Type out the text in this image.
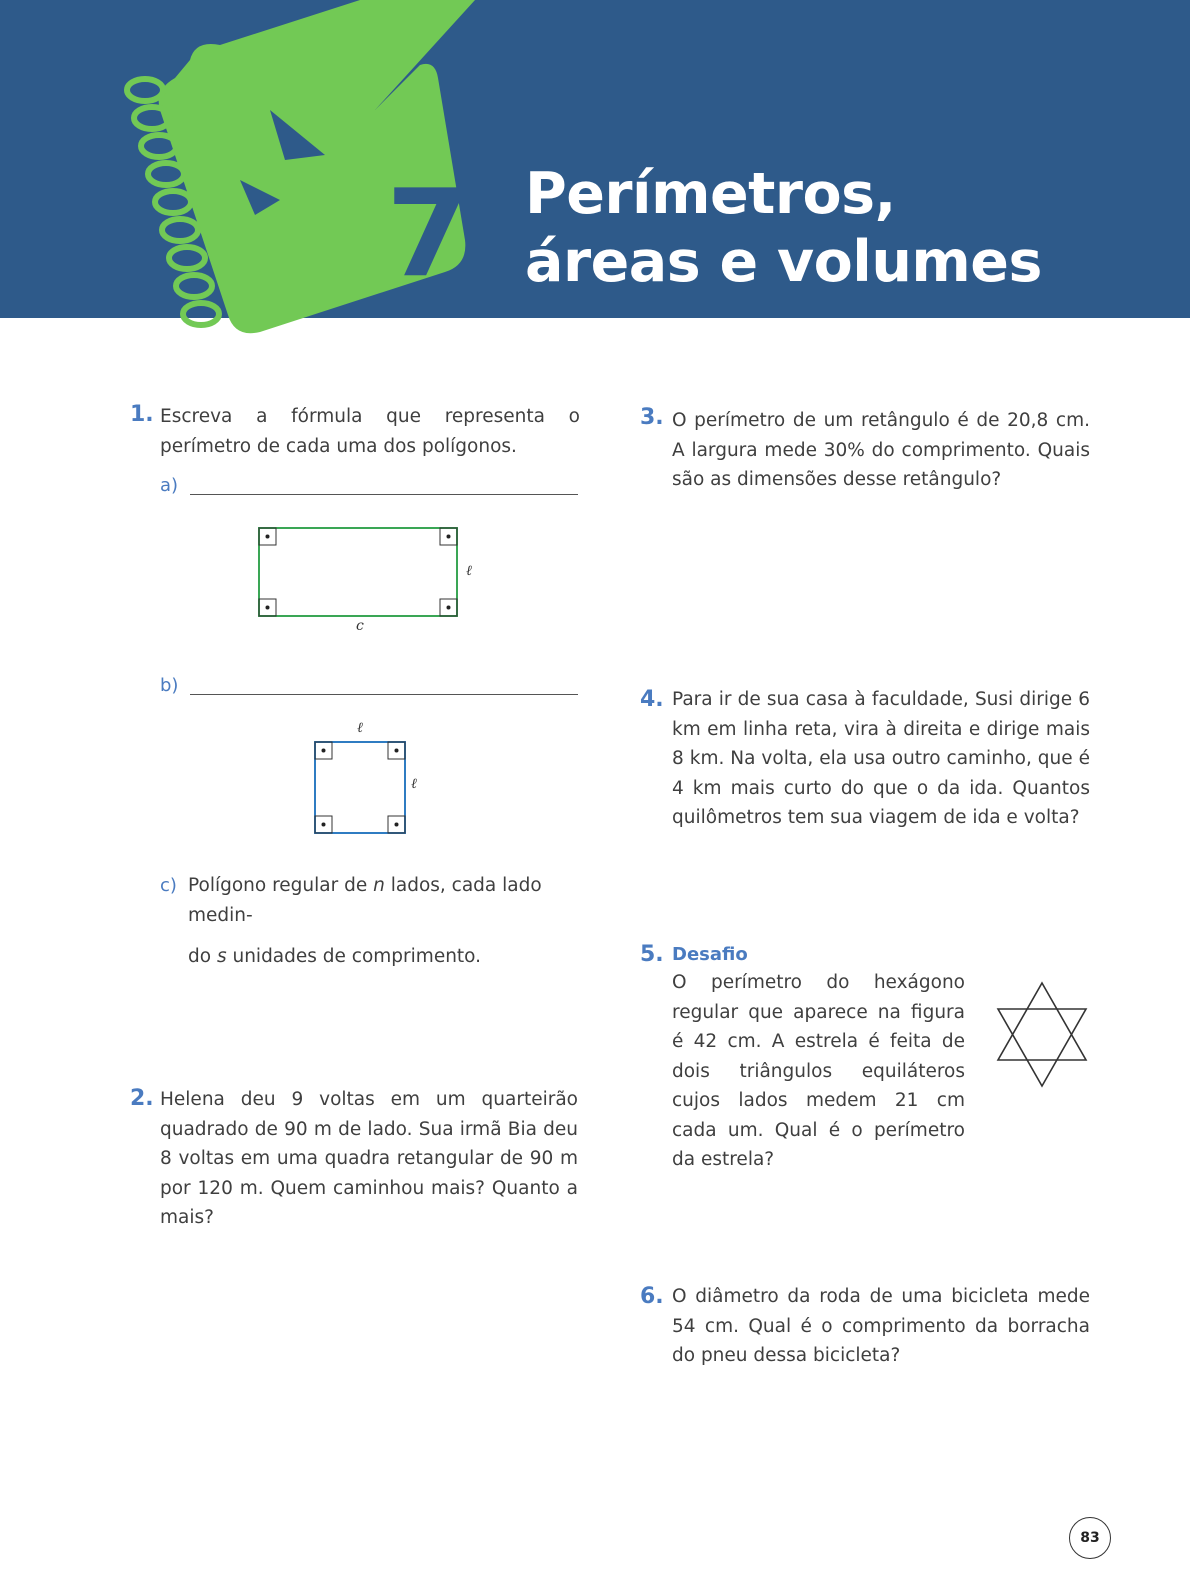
7 Perímetros,
áreas e volumes
1. Escreva a fórmula que representa o perímetro de cada uma dos polígonos.

a)
ℓ
c
b)
ℓ
ℓ
c) Polígono regular de n lados, cada lado medin-
do s unidades de comprimento.
2. Helena deu 9 voltas em um quarteirão quadrado de 90 m de lado. Sua irmã Bia deu 8 voltas em uma quadra retangular de 90 m por 120 m. Quem caminhou mais? Quanto a mais?

3. O perímetro de um retângulo é de 20,8 cm. A largura mede 30% do comprimento. Quais são as dimensões desse retângulo?

4. Para ir de sua casa à faculdade, Susi dirige 6 km em linha reta, vira à direita e dirige mais 8 km. Na volta, ela usa outro caminho, que é 4 km mais curto do que o da ida. Quantos quilômetros tem sua viagem de ida e volta?

5. Desafio

O perímetro do hexágono regular que aparece na figura é 42 cm. A estrela é feita de dois triângulos equiláteros cujos lados medem 21 cm cada um. Qual é o perímetro da estrela?

6. O diâmetro da roda de uma bicicleta mede 54 cm. Qual é o comprimento da borracha do pneu dessa bicicleta?

83
